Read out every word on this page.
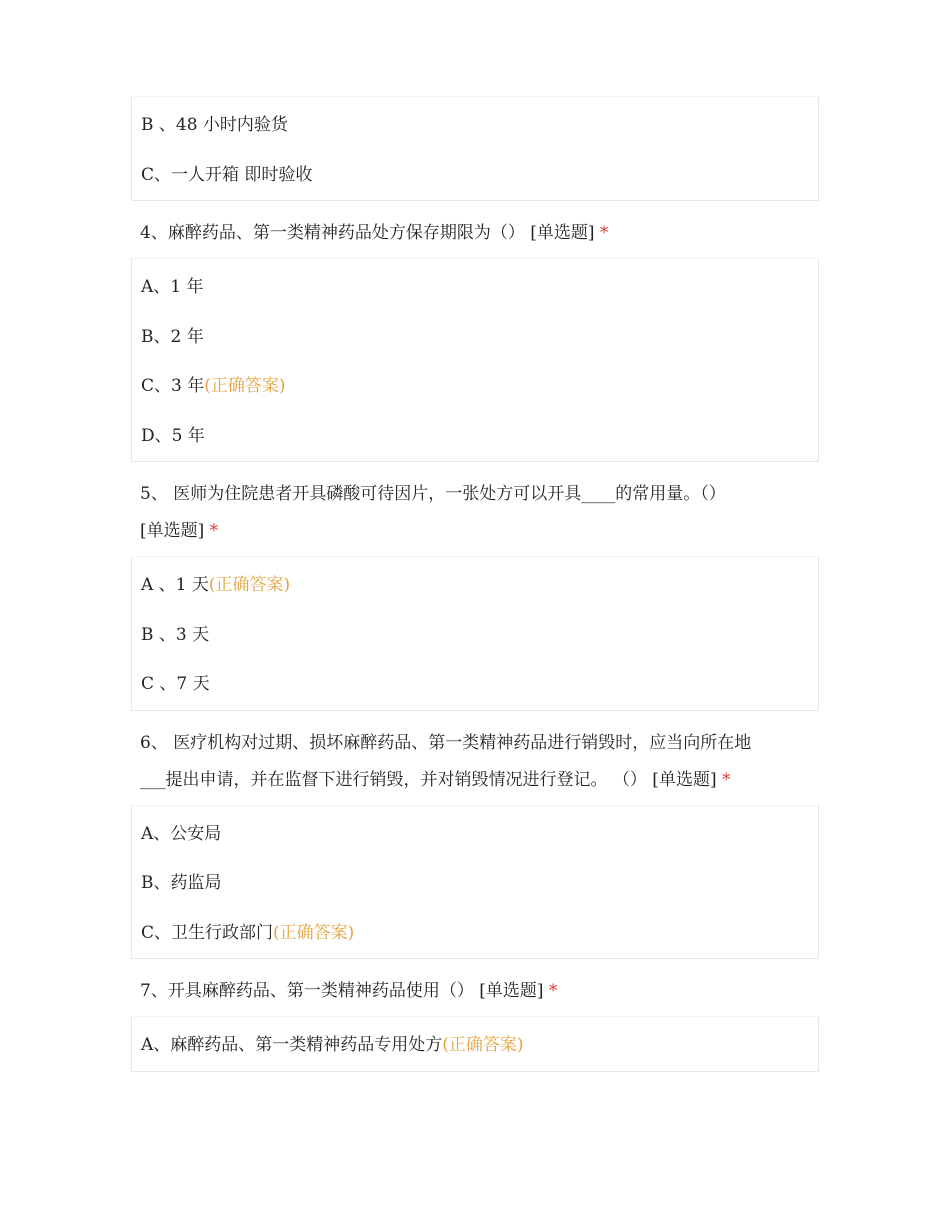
B 、48 小时内验货
C、一人开箱 即时验收
4、麻醉药品、第一类精神药品处方保存期限为（） [单选题] *
A、1 年
B、2 年
C、3 年(正确答案)
D、5 年
5、 医师为住院患者开具磷酸可待因片，一张处方可以开具____的常用量。（）
[单选题] *
A 、1 天(正确答案)
B 、3 天
C 、7 天
6、 医疗机构对过期、损坏麻醉药品、第一类精神药品进行销毁时，应当向所在地
___提出申请，并在监督下进行销毁，并对销毁情况进行登记。 （） [单选题] *
A、公安局
B、药监局
C、卫生行政部门(正确答案)
7、开具麻醉药品、第一类精神药品使用（） [单选题] *
A、麻醉药品、第一类精神药品专用处方(正确答案)
